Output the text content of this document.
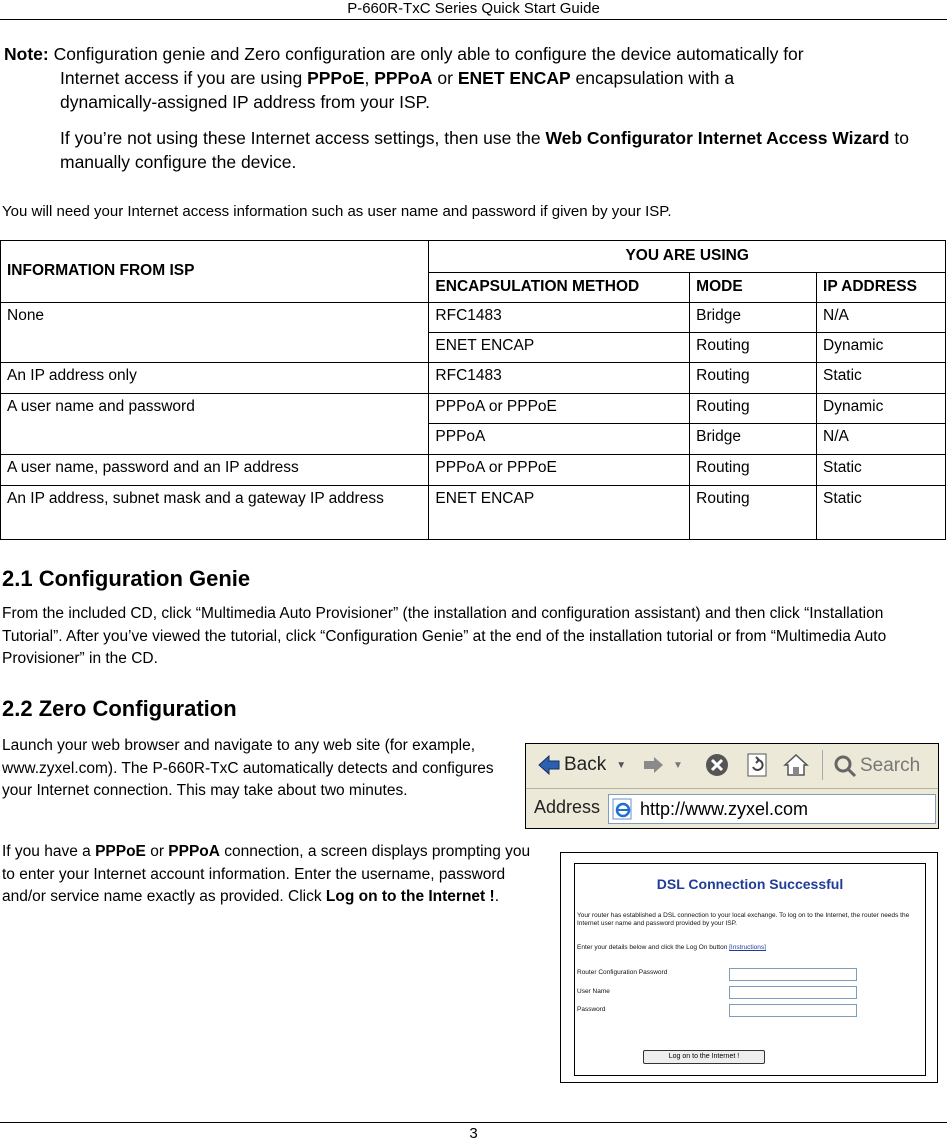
P-660R-TxC Series Quick Start Guide

Note: Configuration genie and Zero configuration are only able to configure the device automatically for

Internet access if you are using PPPoE, PPPoA or ENET ENCAP encapsulation with a

dynamically-assigned IP address from your ISP.

If you’re not using these Internet access settings, then use the Web Configurator Internet Access Wizard to manually configure the device.

You will need your Internet access information such as user name and password if given by your ISP.
INFORMATION FROM ISP	YOU ARE USING		
	ENCAPSULATION METHOD	MODE	IP ADDRESS
None	RFC1483	Bridge	N/A
	ENET ENCAP	Routing	Dynamic
An IP address only	RFC1483	Routing	Static
A user name and password	PPPoA or PPPoE	Routing	Dynamic
	PPPoA	Bridge	N/A
A user name, password and an IP address	PPPoA or PPPoE	Routing	Static
An IP address, subnet mask and a gateway IP address	ENET ENCAP	Routing	Static
2.1 Configuration Genie
From the included CD, click “Multimedia Auto Provisioner” (the installation and configuration assistant) and then click “Installation Tutorial”. After you’ve viewed the tutorial, click “Configuration Genie” at the end of the installation tutorial or from “Multimedia Auto Provisioner” in the CD.
2.2 Zero Configuration
Launch your web browser and navigate to any web site (for example, www.zyxel.com). The P-660R-TxC automatically detects and configures your Internet connection. This may take about two minutes.
If you have a PPPoE or PPPoA connection, a screen displays prompting you to enter your Internet account information. Enter the username, password and/or service name exactly as provided. Click Log on to the Internet !.
Back ▼	▼	Search
Address http://www.zyxel.com
DSL Connection Successful
Your router has established a DSL connection to your local exchange. To log on to the Internet, the router needs the Internet user name and password provided by your ISP.
Enter your details below and click the Log On button [Instructions]
Router Configuration Password
User Name
Password
Log on to the Internet !
3
